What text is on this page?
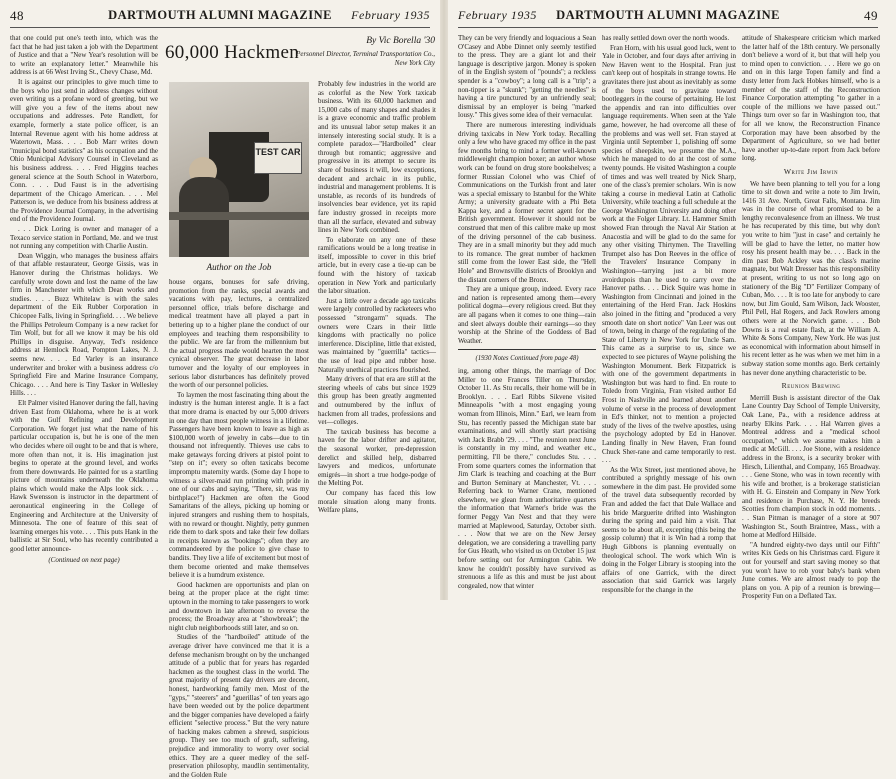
48	DARTMOUTH ALUMNI MAGAZINE	February 1935

that one could put one's teeth into, which was the fact that he had just taken a job with the Department of Justice and that a "New Year's resolution will be to write an explanatory letter." Meanwhile his address is at 66 West Irving St., Chevy Chase, Md.

It is against our principles to give much time to the boys who just send in address changes without even writing us a profane word of greeting, but we will give you a few of the items about new occupations and addresses. Pete Randlett, for example, formerly a state police officer, is an Internal Revenue agent with his home address at Watertown, Mass. . . . Bob Marr writes down "municipal bond statistics" as his occupation and the Ohio Municipal Advisory Counsel in Cleveland as his business address. . . . Fred Higgins teaches general science at the South School in Waterboro, Conn. . . . Dud Faust is in the advertising department of the Chicago American. . . . Mel Patterson is, we deduce from his business address at the Providence Journal Company, in the advertising end of the Providence Journal.

. . . Dick Loring is owner and manager of a Texaco service station in Portland, Me. and we trust not running any competition with Charlie Austin.

Dean Wiggin, who manages the business affairs of that affable restaurateur, George Gissis, was in Hanover during the Christmas holidays. We carefully wrote down and lost the name of the law firm in Manchester with which Dean works and studies. . . . Buzz Whitelaw is with the sales department of the Eik Rubber Corporation in Chicopee Falls, living in Springfield. . . . We believe the Phillips Petroleum Company is a new racket for Tim Wolf, but for all we know it may be his old Phillips in disguise. Anyway, Ted's residence address at Hemlock Road, Pompton Lakes, N. J. seems new. . . . Ed Varley is an insurance underwriter and broker with a business address c/o Springfield Fire and Marine Insurance Company, Chicago. . . . And here is Tiny Tasker in Wellesley Hills. . . .

Elt Palmer visited Hanover during the fall, having driven East from Oklahoma, where he is at work with the Gulf Refining and Development Corporation. We forget just what the name of his particular occupation is, but he is one of the men who decides where oil ought to be and that is where, more often than not, it is. His imagination just begins to operate at the ground level, and works from there downwards. He painted for us a startling picture of mountains underneath the Oklahoma plains which would make the Alps look sick. . . . Hawk Swensson is instructor in the department of aeronautical engineering in the College of Engineering and Architecture at the University of Minnesota. The one of feature of this seat of learning emerges his vote. . . . This puts Hank in the ballistic at Sir Soul, who has recently contributed a good letter announce-

(Continued on next page)
60,000 Hackmen
By Vic Borella '30
Personnel Director, Terminal Transportation Co., New York City
TEST CAR
Author on the Job

house organs, bonuses for safe driving, promotion from the ranks, special awards and vacations with pay, lectures, a centralized personnel office, trials before discharge and medical treatment have all played a part in bettering up to a higher plane the conduct of our employees and teaching them responsibility to the public. We are far from the millennium but the actual progress made would hearten the most cynical observer. The great decrease in labor turnover and the loyalty of our employees in serious labor disturbances has definitely proved the worth of our personnel policies.

To laymen the most fascinating thing about the industry is the human interest angle. It is a fact that more drama is enacted by our 5,000 drivers in one day than most people witness in a lifetime. Passengers have been known to leave as high as $100,000 worth of jewelry in cabs—due to tin thousand not infrequently. Thieves use cabs to make getaways forcing drivers at pistol point to "step on it"; every so often taxicabs become impromptu maternity wards. (Some day I hope to witness a silver-maid run printing with pride in one of our cabs and saying, "There, sir, was my birthplace!") Hackmen are often the Good Samaritans of the alleys, picking up homing or injured strangers and rushing them to hospitals, with no reward or thought. Nightly, petty gunmen ride them to dark spots and take their few dollars in receipts known as "bookings"; often they are commandeered by the police to give chase to bandits. They live a life of excitement but most of them become oriented and make themselves believe it is a humdrum existence.

Good hackmen are opportunists and plan on being at the proper place at the right time: uptown in the morning to take passengers to work and downtown in late afternoon to reverse the process; the Broadway area at "showbreak"; the night club neighborhoods still later, and so on.

Studies of the "hardboiled" attitude of the average driver have convinced me that it is a defense mechanism brought on by the unchanged attitude of a public that for years has regarded hackmen as the toughest class in the world. The great majority of present day drivers are decent, honest, hardworking family men. Most of the "gyps," "steerers" and "guerillas" of ten years ago have been weeded out by the police department and the bigger companies have developed a fairly efficient "selective process." But the very nature of hacking makes cabmen a shrewd, suspicious group. They see too much of graft, suffering, prejudice and immorality to worry over social ethics. They are a queer medley of the self-preservation philosophy, maudlin sentimentality, and the Golden Rule

Probably few industries in the world are as colorful as the New York taxicab business. With its 60,000 hackmen and 15,000 cabs of many shapes and shades it is a grave economic and traffic problem and its unusual labor setup makes it an intensely interesting social study. It is a complete paradox—"Hardboiled" clear through but romantic; aggressive and progressive in its attempt to secure its share of business it will, low exceptions, decadent and archaic in its public, industrial and management problems. It is unstable, as records of its hundreds of insolvencies bear evidence, yet its rapid fare industry grossed in receipts more than all the surface, elevated and subway lines in New York combined.

To elaborate on any one of these ramifications would be a long treatise in itself, impossible to cover in this brief article, but in every case a tie-up can be found with the history of taxicab operation in New York and particularly the labor situation.

Just a little over a decade ago taxicabs were largely controlled by racketeers who possessed "strongarm" squads. The owners were Czars in their little kingdoms with practically no police interference. Discipline, little that existed, was maintained by "guerrilla" tactics—the use of lead pipe and rubber hose. Naturally unethical practices flourished.

Many drivers of that era are still at the steering wheels of cabs but since 1929 this group has been greatly augmented and outnumbered by the influx of hackmen from all trades, professions and vet—colleges.

The taxicab business has become a haven for the labor drifter and agitator, the seasonal worker, pre-depression derelict and skilled help, disbarred lawyers and medicos, unfortunate emigrés—in short a true hodge-podge of the Melting Pot.

Our company has faced this low morale situation along many fronts. Welfare plans,

February 1935	DARTMOUTH ALUMNI MAGAZINE	49

They can be very friendly and loquacious a Sean O'Casey and Abbe Dinnet only seemly testified to the press. They are a giant lot and their language is descriptive jargon. Money is spoken of in the English system of "pounds"; a reckless spender is a "cowboy"; a long call is a "trip"; a non-tipper is a "skunk"; "getting the needles" is having a tire punctured by an unfriendly seal; dismissal by an employer is being "marked lousy." This gives some idea of their vernacular.

There are numerous interesting individuals driving taxicabs in New York today. Recalling only a few who have graced my office in the past few months bring to mind a former well-known middleweight champion boxer; an author whose work can be found on drug store bookshelves; a former Russian Colonel who was Chief of Communications on the Turkish front and later was a special emissary to Istanbul for the White Army; a university graduate with a Phi Beta Kappa key, and a former secret agent for the British government. However it should not be construed that men of this calibre make up most of the driving personnel of the cab business. They are in a small minority but they add much to its romance. The great number of hackmen still come from the lower East side, the "Hell Hole" and Brownsville districts of Brooklyn and the distant corners of the Bronx.

They are a unique group, indeed. Every race and nation is represented among them—every political dogma—every religious creed. But they are all pagans when it comes to one thing—rain and sleet always double their earnings—so they worship at the Shrine of the Goddess of Bad Weather.

(1930 Notes Continued from page 48)

ing, among other things, the marriage of Doc Miller to one Frances Tiller on Thursday, October 11. As Stu recalls, their home will be in Brooklyn. . . . Earl Ribbs Sikvene visited Minneapolis "with a most engaging young woman from Illinois, Minn." Earl, we learn from Stu, has recently passed the Michigan state bar examinations, and will shortly start practising with Jack Brabb '29. . . . "The reunion next June is constantly in my mind, and weather etc., permitting, I'll be there," concludes Stu. . . . From some quarters comes the information that Jim Clark is teaching and coaching at the Burr and Burton Seminary at Manchester, Vt. . . . Referring back to Warner Crane, mentioned elsewhere, we glean from authoritative quarters the information that Warner's bride was the former Peggy Van Nest and that they were married at Maplewood, Saturday, October sixth. . . . Now that we are on the New Jersey delegation, we are considering a travelling party for Gus Heath, who visited us on October 15 just before setting out for Armington Cabin. We know he couldn't possibly have survived as strenuous a life as this and must be just about congealed, now that winter

has really settled down over the north woods.

Fran Horn, with his usual good luck, went to Yale in October, and four days after arriving in New Haven went to the Hospital. Fran just can't keep out of hospitals in strange towns. He gravitates there just about as inevitably as some of the boys used to gravitate toward bootleggers in the course of pertaining. He lost the appendix and ran into difficulties over language requirements. When seen at the Yale game, however, he had overcome all these of the problems and was well set. Fran stayed at Virginia until September 1, polishing off some species of sheepskin, we presume the M.A., which he managed to do at the cost of some twenty pounds. He visited Washington a couple of times and was well treated by Nick Sharp, one of the class's premier scholars. Win is now taking a course in medieval Latin at Catholic University, while teaching a full schedule at the George Washington University and doing other work at the Folger Library. Lt. Hammer Smith showed Fran through the Naval Air Station at Anacostia and will be glad to do the same for any other visiting Thirtymen. The Travelling Trumpet also has Don Reeves in the office of the Travelers' Insurance Company in Washington—tarrying just a bit more avoirdupois than he used to carry over the Hanover paths. . . . Dick Squire was home in Washington from Cincinnati and joined in the entertaining of the Herd Fran. Jack Hoskins also joined in the fitting and "produced a very smooth date on short notice" Van Leer was out of town, being in charge of the regulating of the State of Liberty in New York for Uncle Sam. This came as a surprise to us, since we expected to see pictures of Wayne polishing the Washington Monument. Berk Fitzpatrick is with one of the government departments in Washington but was hard to find. En route to Toledo from Virginia, Fran visited author Ed Frost in Nashville and learned about another volume of verse in the process of development in Ed's thinker, not to mention a projected study of the lives of the twelve apostles, using the psychology adopted by Ed in Hanover. Landing finally in New Haven, Fran found Chuck Sher-rane and came temporarily to rest. . . .

As the Wix Street, just mentioned above, he contributed a sprightly message of his own somewhere in the dim past. He provided some of the travel data subsequently recorded by Fran and added the fact that Dale Wallace and his bride Marguerite drifted into Washington during the spring and paid him a visit. That seems to be about all, excepting (this being the gossip column) that it is Win had a romp that Hugh Gibbons is planning eventually on theological school. The work which Win is doing in the Folger Library is stooping into the affairs of one Garrick, with the direct association that said Garrick was largely responsible for the change in the

attitude of Shakespeare criticism which marked the latter half of the 18th century. We personally don't believe a word of it, but that will help you to mind open to conviction. . . . Here we go on and on in this large Topen family and find a dusty letter from Jack Hobkes himself, who is a member of the staff of the Reconstruction Finance Corporation attempting "to gather in a couple of the millions we have passed out." Things turn over so far in Washington too, that for all we know, the Reconstruction Finance Corporation may have been absorbed by the Department of Agriculture, so we had better have another up-to-date report from Jack before long.

Write Jim Irwin

We have been planning to tell you for a long time to sit down and write a note to Jim Irwin, 1416 31 Ave. North, Great Falls, Montana. Jim was in the course of what promised to be a lengthy reconvalesence from an illness. We trust he has recuperated by this time, but why don't you write to him "just in case" and certainly he will be glad to have the letter, no matter how rosy his present health may be. . . . Back in the dim past Bob Ackley was the class's marine magnate, but Walt Dresser has this responsibility at present, writing to us not so long ago on stationery of the Big "D" Fertilizer Company of Cuban, Mo. . . . It is too late for anybody to care now, but Jim Gould, Sam Wilson, Jack Wooster, Phil Pell, Hal Rogers, and Jack Rowlers among others were at the Norwich game. . . . Bob Downs is a real estate flash, at the William A. White & Sons Company, New York. He was just as economical with information about himself in his recent letter as he was when we met him in a subway station some months ago. Berk certainly has never done anything characteristic to be.

Reunion Brewing

Merrill Bush is assistant director of the Oak Lane Country Day School of Temple University, Oak Lane, Pa., with a residence address at nearby Elkins Park. . . . Hal Warren gives a Montreal address and a "medical school occupation," which we assume makes him a medic at McGill. . . . Joe Stone, with a residence address in the Bronx, is a security broker with Hirsch, Lilienthal, and Company, 165 Broadway. . . . Gene Stone, who was in town recently with his wife and brother, is a brokerage statistician with H. G. Einstein and Company in New York and residence in Purchase, N. Y. He breeds Scotties from champion stock in odd moments. . . . Stan Pitman is manager of a store at 907 Washington St., South Braintree, Mass., with a home at Medford Hillside.

"A hundred eighty-two days until our Fifth" writes Kix Geds on his Christmas card. Figure it out for yourself and start saving money so that you won't have to rob your baby's bank when June comes. We are almost ready to pop the plans on you. A pip of a reunion is brewing—Prosperity Fun on a Deflated Tax.
